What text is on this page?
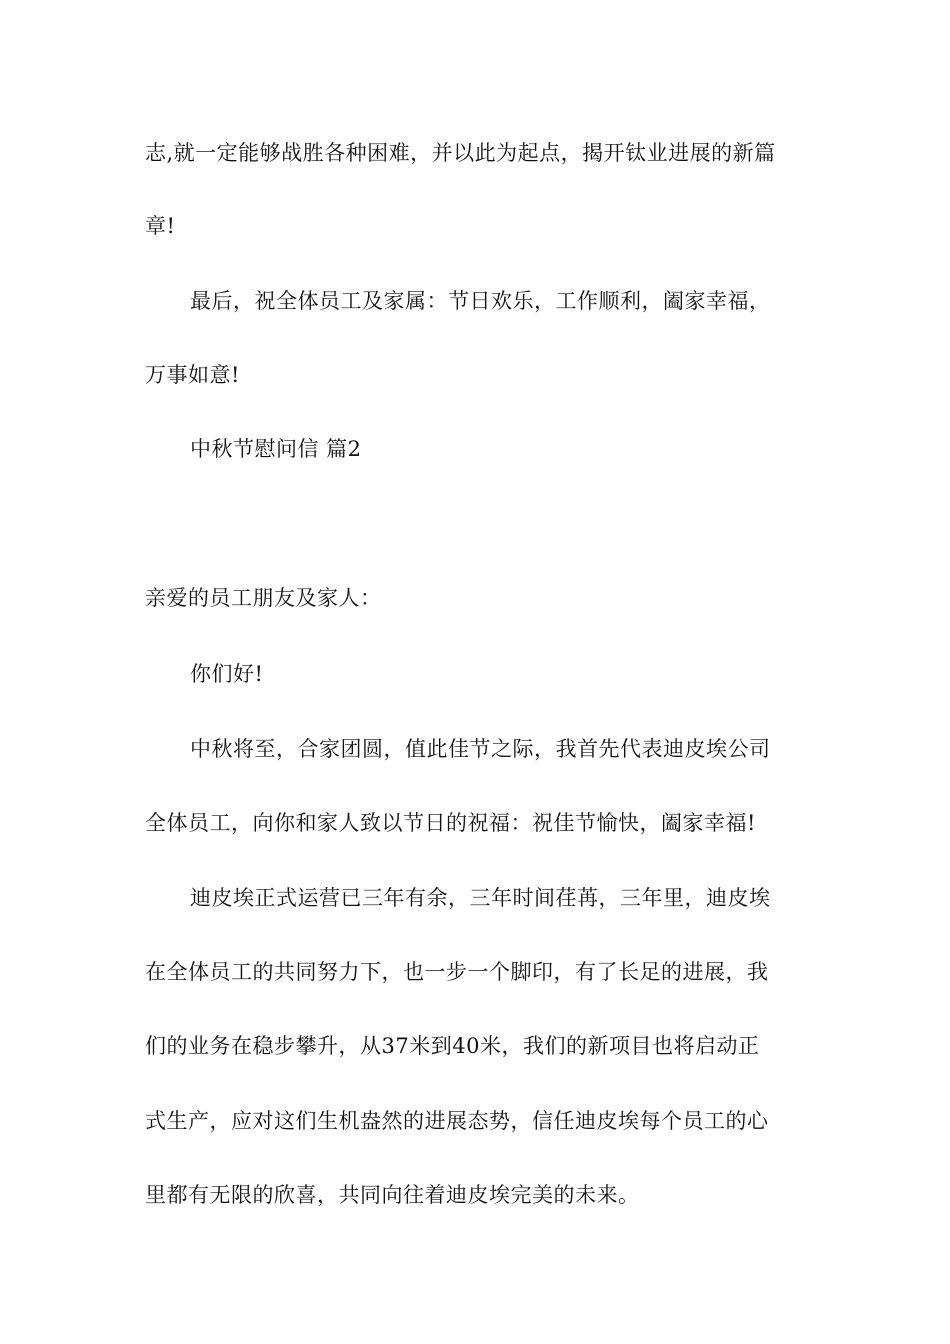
志,就一定能够战胜各种困难，并以此为起点，揭开钛业进展的新篇
章!
最后，祝全体员工及家属：节日欢乐，工作顺利，阖家幸福，
万事如意!
中秋节慰问信 篇2
亲爱的员工朋友及家人：
你们好!
中秋将至，合家团圆，值此佳节之际，我首先代表迪皮埃公司
全体员工，向你和家人致以节日的祝福：祝佳节愉快，阖家幸福!
迪皮埃正式运营已三年有余，三年时间荏苒，三年里，迪皮埃
在全体员工的共同努力下，也一步一个脚印，有了长足的进展，我
们的业务在稳步攀升，从37米到40米，我们的新项目也将启动正
式生产，应对这们生机盎然的进展态势，信任迪皮埃每个员工的心
里都有无限的欣喜，共同向往着迪皮埃完美的未来。
